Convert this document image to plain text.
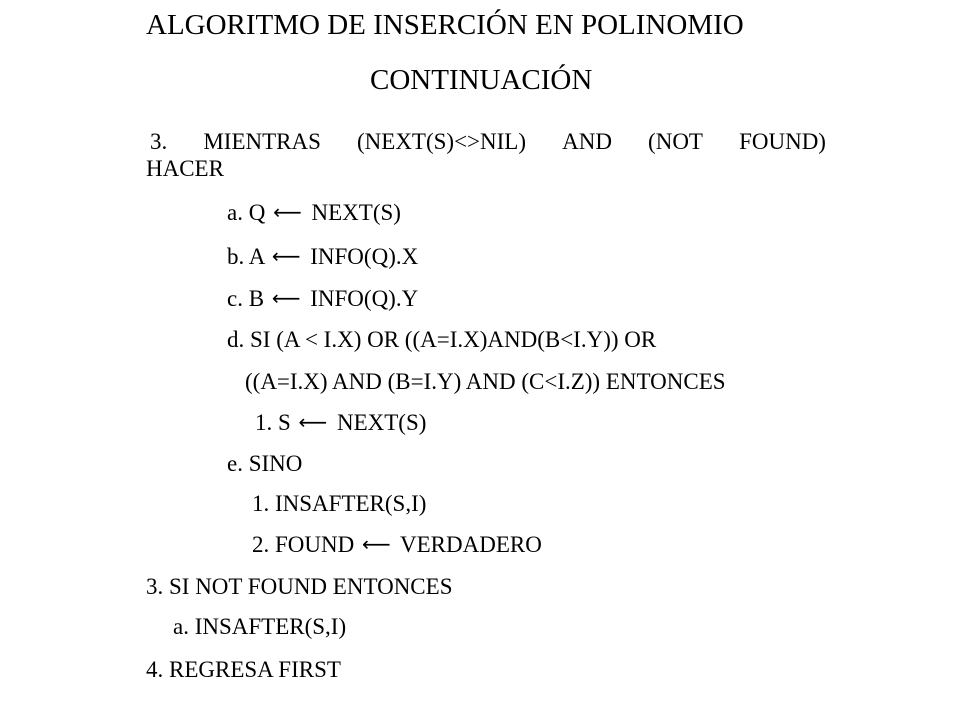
ALGORITMO DE INSERCIÓN EN POLINOMIO
CONTINUACIÓN
3. MIENTRAS (NEXT(S)<>NIL) AND (NOT FOUND)
HACER
a. Q ⟵ NEXT(S)
b. A ⟵ INFO(Q).X
c. B ⟵ INFO(Q).Y
d. SI (A < I.X) OR ((A=I.X)AND(B<I.Y)) OR
((A=I.X) AND (B=I.Y) AND (C<I.Z)) ENTONCES
1. S ⟵ NEXT(S)
e. SINO
1. INSAFTER(S,I)
2. FOUND ⟵ VERDADERO
3. SI NOT FOUND ENTONCES
a. INSAFTER(S,I)
4. REGRESA FIRST
